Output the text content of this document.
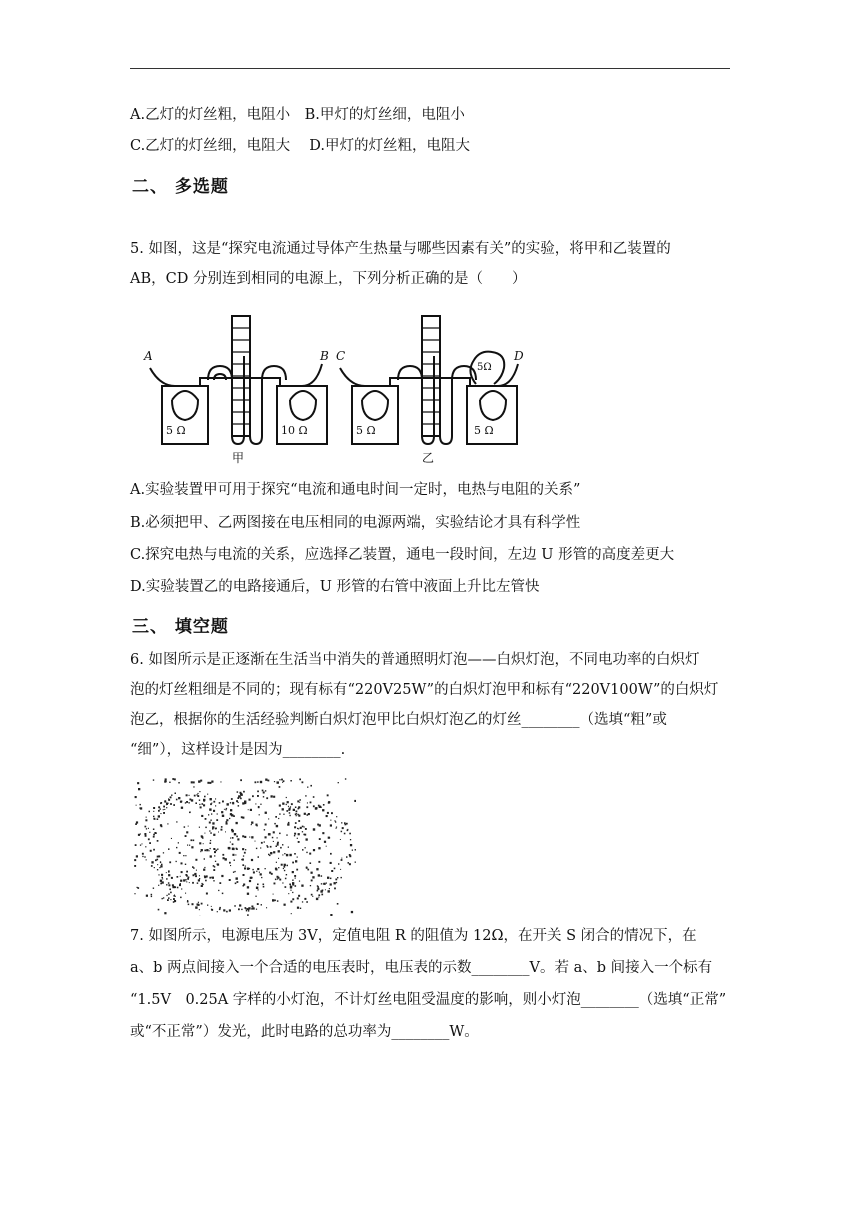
A.乙灯的灯丝粗，电阻小　B.甲灯的灯丝细，电阻小
C.乙灯的灯丝细，电阻大　 D.甲灯的灯丝粗，电阻大
二、 多选题
5. 如图，这是“探究电流通过导体产生热量与哪些因素有关”的实验，将甲和乙装置的
AB，CD 分别连到相同的电源上，下列分析正确的是（　　）
A	B C	D
5 Ω	10 Ω	5 Ω	5 Ω
5Ω
甲	乙
A.实验装置甲可用于探究“电流和通电时间一定时，电热与电阻的关系”
B.必须把甲、乙两图接在电压相同的电源两端，实验结论才具有科学性
C.探究电热与电流的关系，应选择乙装置，通电一段时间，左边 U 形管的高度差更大
D.实验装置乙的电路接通后，U 形管的右管中液面上升比左管快
三、 填空题
6. 如图所示是正逐渐在生活当中消失的普通照明灯泡——白炽灯泡，不同电功率的白炽灯
泡的灯丝粗细是不同的；现有标有“220V25W”的白炽灯泡甲和标有“220V100W”的白炽灯
泡乙，根据你的生活经验判断白炽灯泡甲比白炽灯泡乙的灯丝________（选填“粗”或
“细”），这样设计是因为________.
7. 如图所示，电源电压为 3V，定值电阻 R 的阻值为 12Ω，在开关 S 闭合的情况下，在
a、b 两点间接入一个合适的电压表时，电压表的示数________V。若 a、b 间接入一个标有
“1.5V　0.25A 字样的小灯泡，不计灯丝电阻受温度的影响，则小灯泡________（选填“正常”
或“不正常”）发光，此时电路的总功率为________W。
